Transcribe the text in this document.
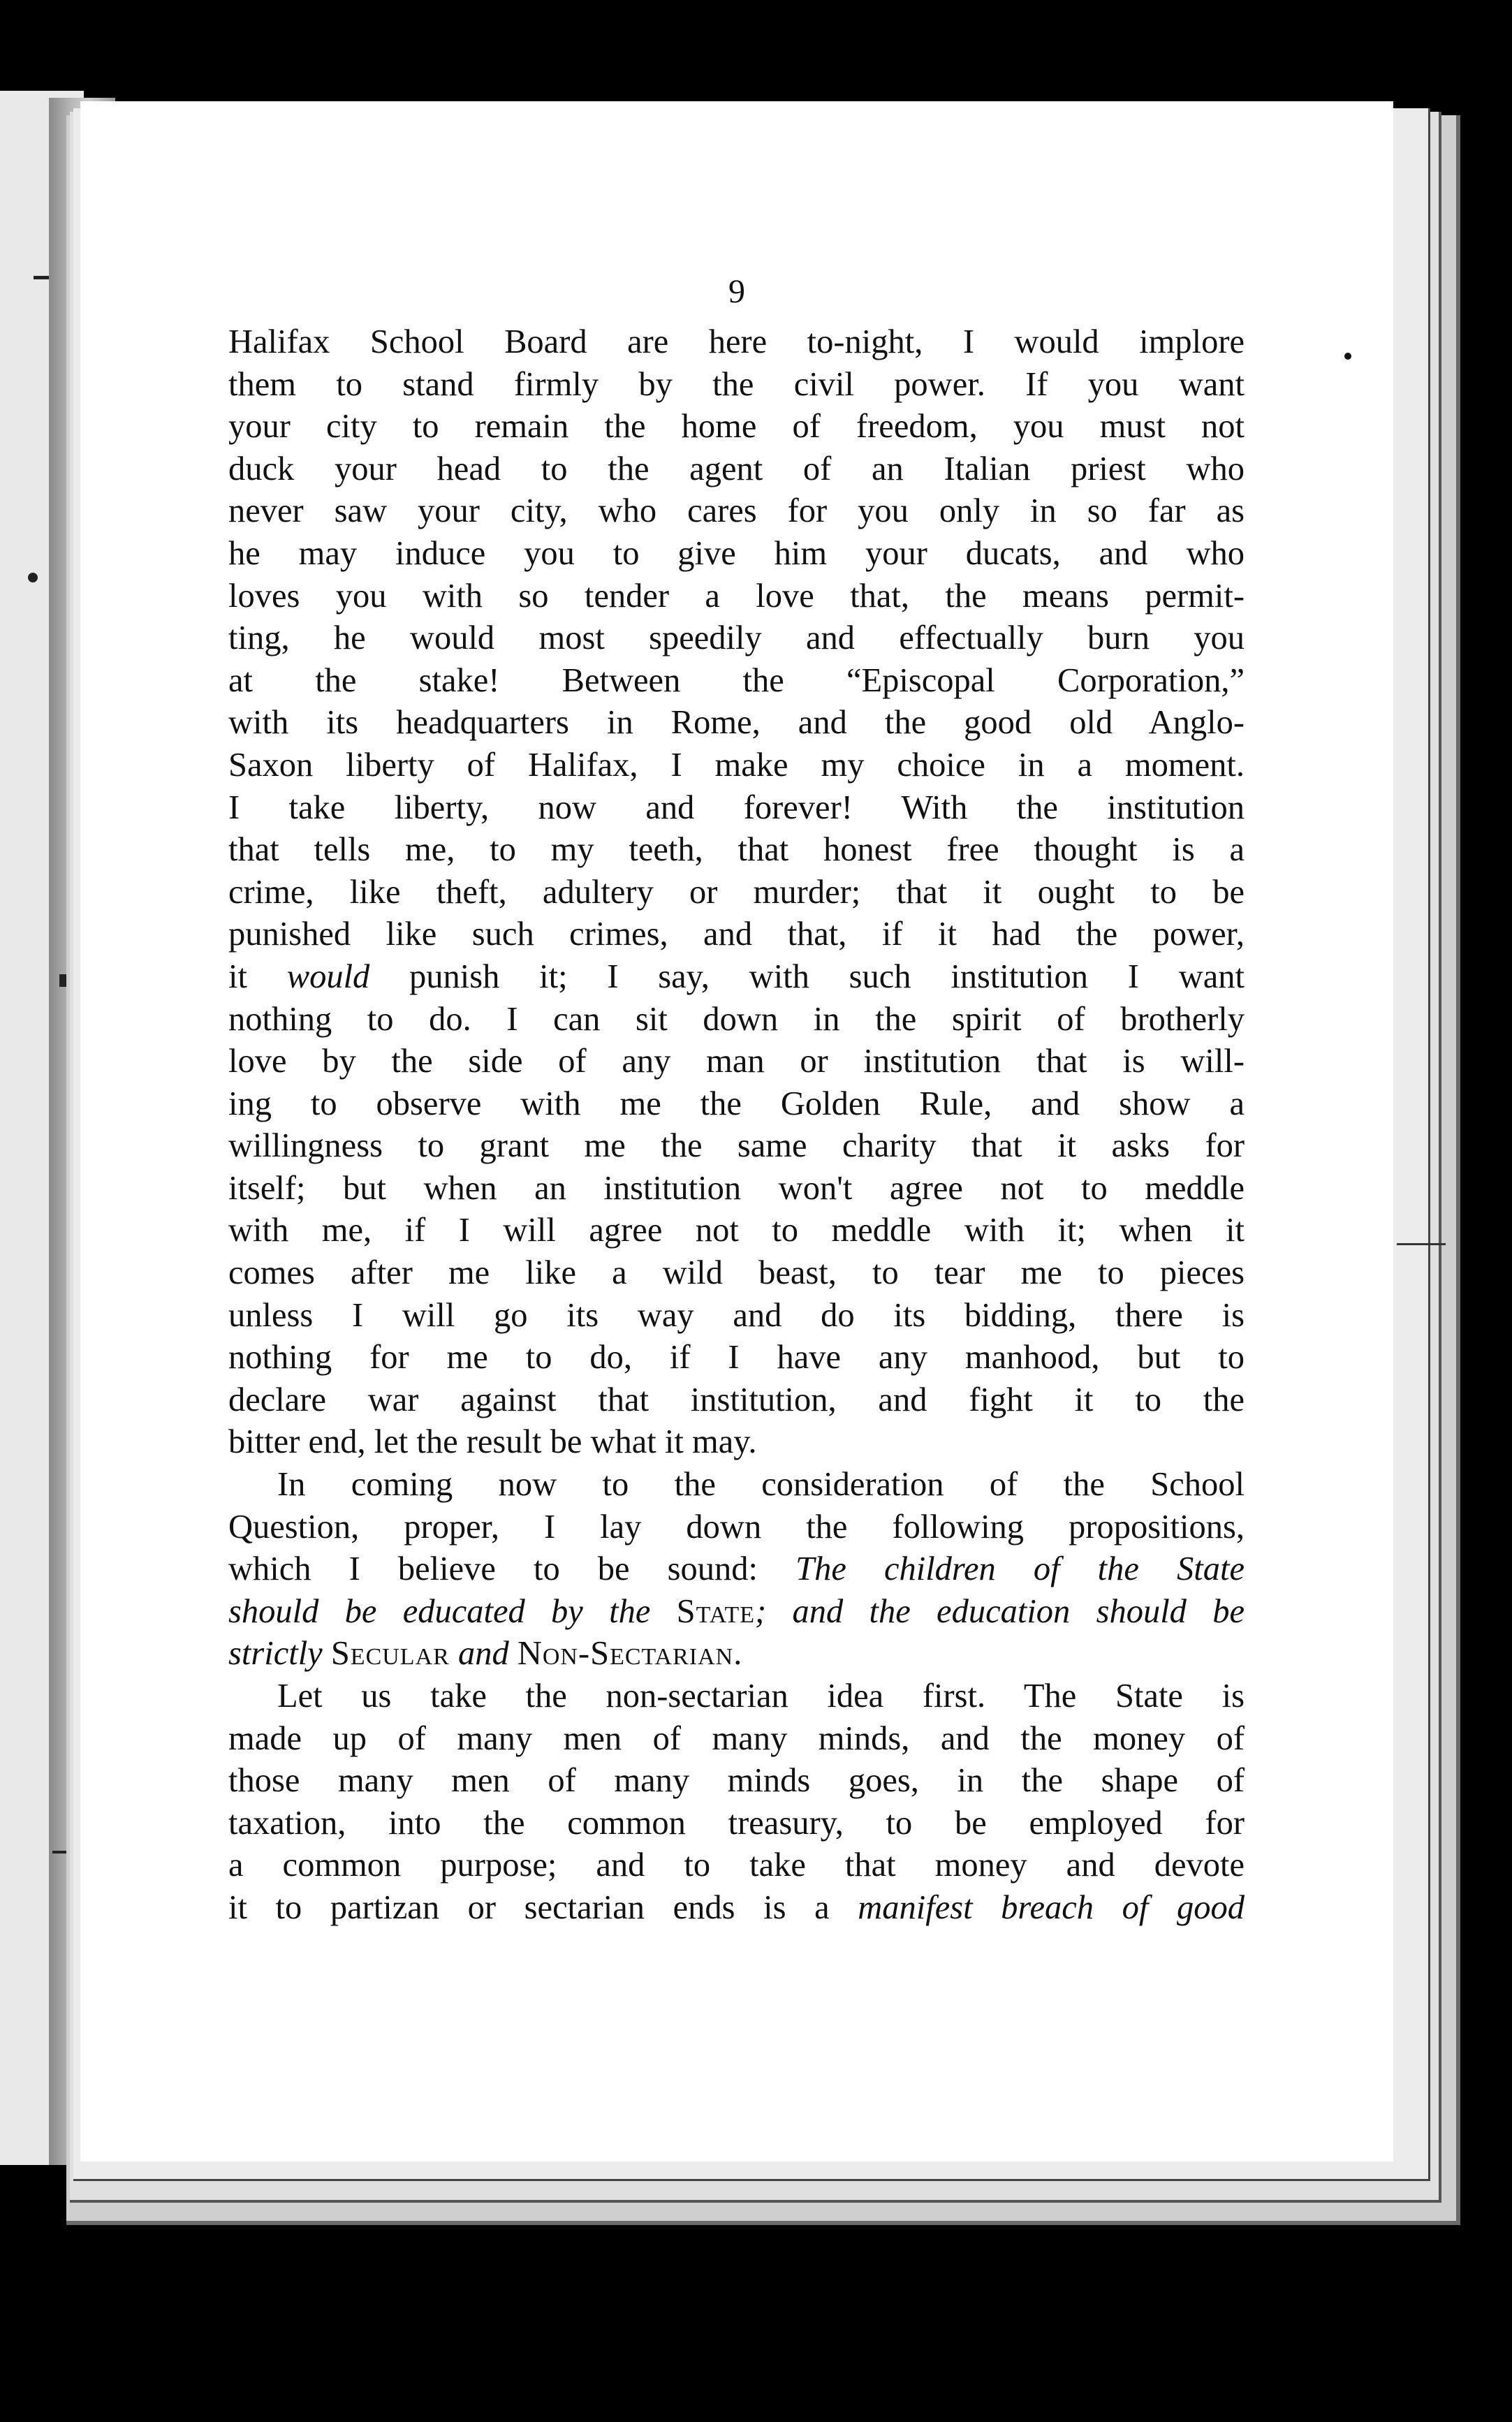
9
Halifax School Board are here to-night, I would implore
them to stand firmly by the civil power. If you want
your city to remain the home of freedom, you must not
duck your head to the agent of an Italian priest who
never saw your city, who cares for you only in so far as
he may induce you to give him your ducats, and who
loves you with so tender a love that, the means permit-
ting, he would most speedily and effectually burn you
at the stake! Between the “Episcopal Corporation,”
with its headquarters in Rome, and the good old Anglo-
Saxon liberty of Halifax, I make my choice in a moment.
I take liberty, now and forever! With the institution
that tells me, to my teeth, that honest free thought is a
crime, like theft, adultery or murder; that it ought to be
punished like such crimes, and that, if it had the power,
it would punish it; I say, with such institution I want
nothing to do. I can sit down in the spirit of brotherly
love by the side of any man or institution that is will-
ing to observe with me the Golden Rule, and show a
willingness to grant me the same charity that it asks for
itself; but when an institution won't agree not to meddle
with me, if I will agree not to meddle with it; when it
comes after me like a wild beast, to tear me to pieces
unless I will go its way and do its bidding, there is
nothing for me to do, if I have any manhood, but to
declare war against that institution, and fight it to the
bitter end, let the result be what it may.
In coming now to the consideration of the School
Question, proper, I lay down the following propositions,
which I believe to be sound: The children of the State
should be educated by the State; and the education should be
strictly Secular and Non-Sectarian.
Let us take the non-sectarian idea first. The State is
made up of many men of many minds, and the money of
those many men of many minds goes, in the shape of
taxation, into the common treasury, to be employed for
a common purpose; and to take that money and devote
it to partizan or sectarian ends is a manifest breach of good
